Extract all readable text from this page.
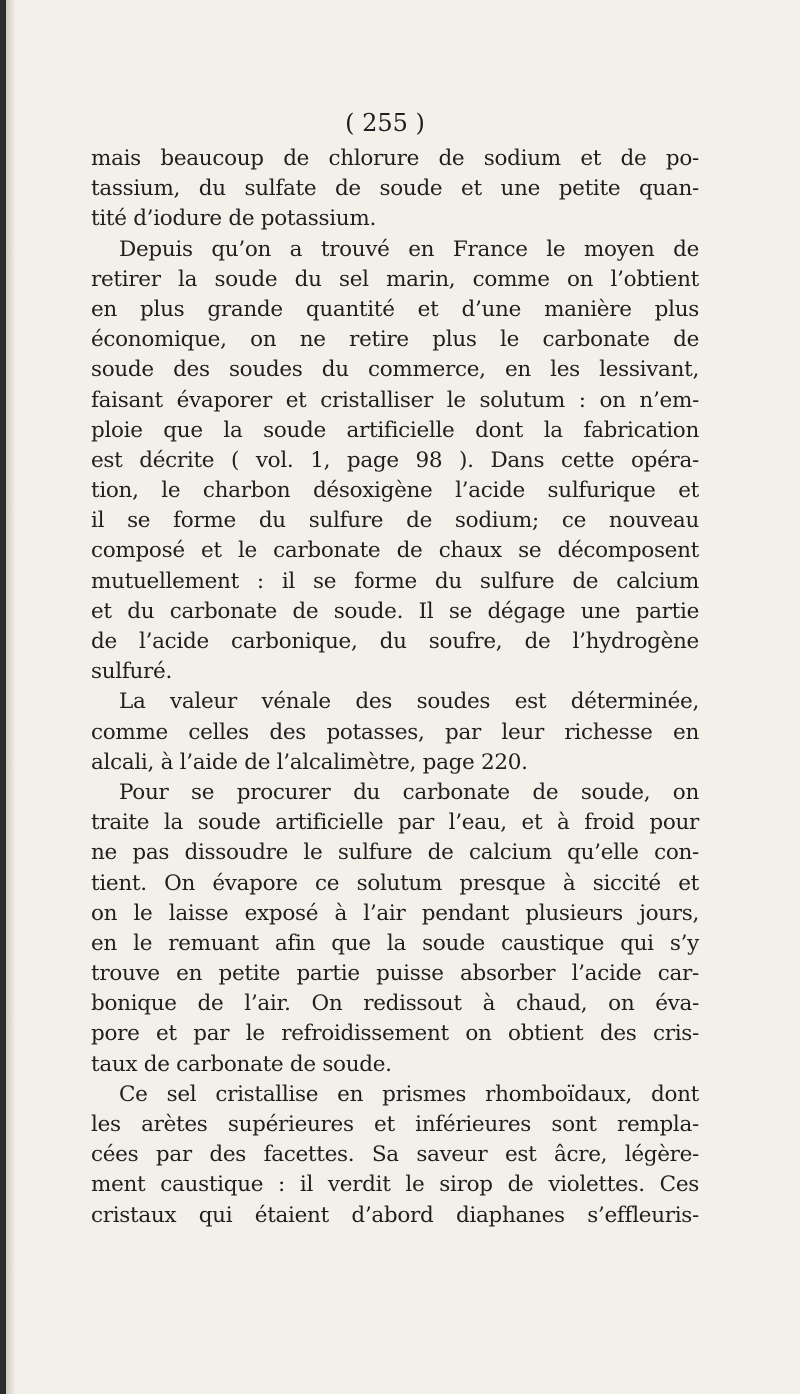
( 255 )
mais beaucoup de chlorure de sodium et de po-
tassium, du sulfate de soude et une petite quan-
tité d’iodure de potassium.
Depuis qu’on a trouvé en France le moyen de
retirer la soude du sel marin, comme on l’obtient
en plus grande quantité et d’une manière plus
économique, on ne retire plus le carbonate de
soude des soudes du commerce, en les lessivant,
faisant évaporer et cristalliser le solutum : on n’em-
ploie que la soude artificielle dont la fabrication
est décrite ( vol. 1, page 98 ). Dans cette opéra-
tion, le charbon désoxigène l’acide sulfurique et
il se forme du sulfure de sodium; ce nouveau
composé et le carbonate de chaux se décomposent
mutuellement : il se forme du sulfure de calcium
et du carbonate de soude. Il se dégage une partie
de l’acide carbonique, du soufre, de l’hydrogène
sulfuré.
La valeur vénale des soudes est déterminée,
comme celles des potasses, par leur richesse en
alcali, à l’aide de l’alcalimètre, page 220.
Pour se procurer du carbonate de soude, on
traite la soude artificielle par l’eau, et à froid pour
ne pas dissoudre le sulfure de calcium qu’elle con-
tient. On évapore ce solutum presque à siccité et
on le laisse exposé à l’air pendant plusieurs jours,
en le remuant afin que la soude caustique qui s’y
trouve en petite partie puisse absorber l’acide car-
bonique de l’air. On redissout à chaud, on éva-
pore et par le refroidissement on obtient des cris-
taux de carbonate de soude.
Ce sel cristallise en prismes rhomboïdaux, dont
les arètes supérieures et inférieures sont rempla-
cées par des facettes. Sa saveur est âcre, légère-
ment caustique : il verdit le sirop de violettes. Ces
cristaux qui étaient d’abord diaphanes s’effleuris-
